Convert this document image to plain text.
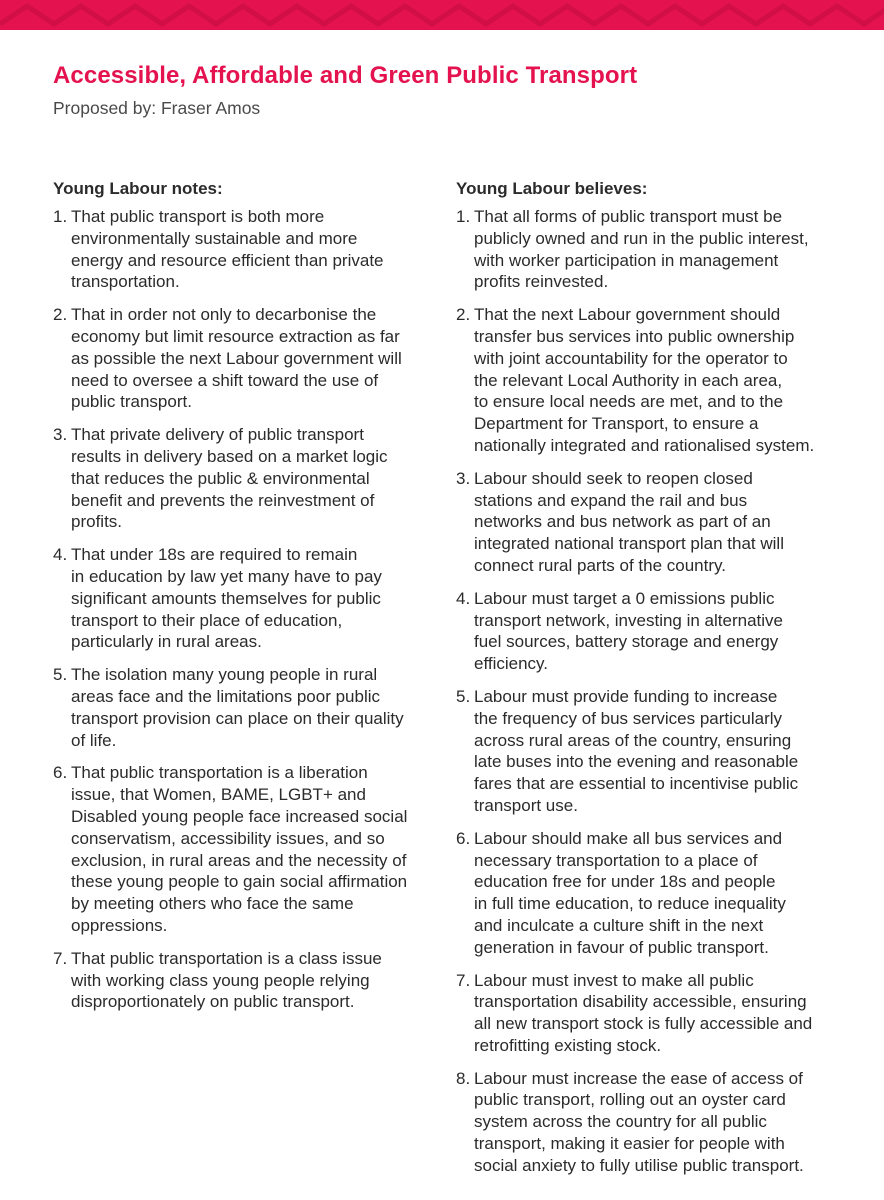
Accessible, Affordable and Green Public Transport

Proposed by: Fraser Amos

Young Labour notes:
1. That public transport is both more
environmentally sustainable and more
energy and resource efficient than private
transportation.
2. That in order not only to decarbonise the
economy but limit resource extraction as far
as possible the next Labour government will
need to oversee a shift toward the use of
public transport.
3. That private delivery of public transport
results in delivery based on a market logic
that reduces the public & environmental
benefit and prevents the reinvestment of
profits.
4. That under 18s are required to remain
in education by law yet many have to pay
significant amounts themselves for public
transport to their place of education,
particularly in rural areas.
5. The isolation many young people in rural
areas face and the limitations poor public
transport provision can place on their quality
of life.
6. That public transportation is a liberation
issue, that Women, BAME, LGBT+ and
Disabled young people face increased social
conservatism, accessibility issues, and so
exclusion, in rural areas and the necessity of
these young people to gain social affirmation
by meeting others who face the same
oppressions.
7. That public transportation is a class issue
with working class young people relying
disproportionately on public transport.
Young Labour believes:
1. That all forms of public transport must be
publicly owned and run in the public interest,
with worker participation in management
profits reinvested.
2. That the next Labour government should
transfer bus services into public ownership
with joint accountability for the operator to
the relevant Local Authority in each area,
to ensure local needs are met, and to the
Department for Transport, to ensure a
nationally integrated and rationalised system.
3. Labour should seek to reopen closed
stations and expand the rail and bus
networks and bus network as part of an
integrated national transport plan that will
connect rural parts of the country.
4. Labour must target a 0 emissions public
transport network, investing in alternative
fuel sources, battery storage and energy
efficiency.
5. Labour must provide funding to increase
the frequency of bus services particularly
across rural areas of the country, ensuring
late buses into the evening and reasonable
fares that are essential to incentivise public
transport use.
6. Labour should make all bus services and
necessary transportation to a place of
education free for under 18s and people
in full time education, to reduce inequality
and inculcate a culture shift in the next
generation in favour of public transport.
7. Labour must invest to make all public
transportation disability accessible, ensuring
all new transport stock is fully accessible and
retrofitting existing stock.
8. Labour must increase the ease of access of
public transport, rolling out an oyster card
system across the country for all public
transport, making it easier for people with
social anxiety to fully utilise public transport.
